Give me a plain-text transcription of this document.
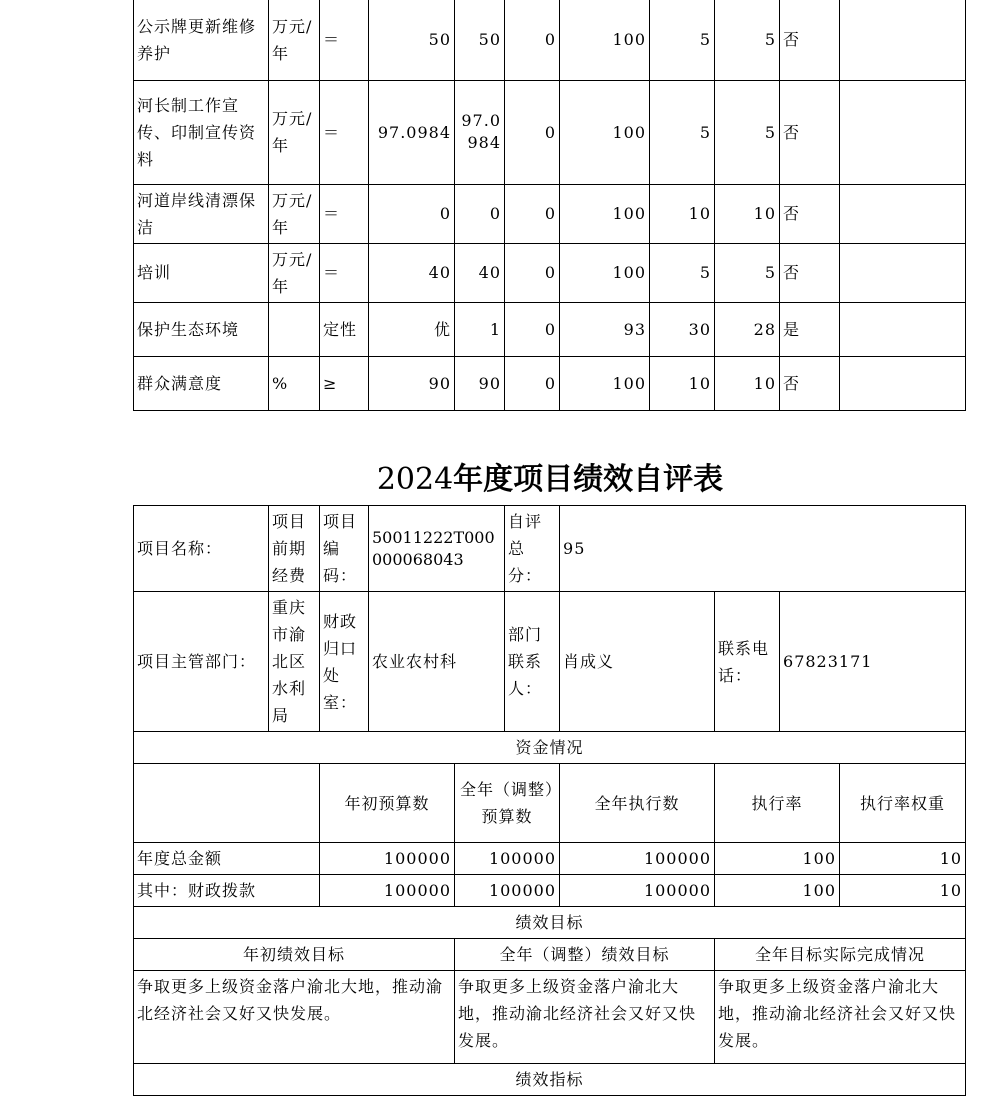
公示牌更新维修养护	万元/年	＝	50	50	0	100	5	5	否	
河长制工作宣传、印制宣传资料	万元/年	＝	97.0984	97.0984	0	100	5	5	否	
河道岸线清漂保洁	万元/年	＝	0	0	0	100	10	10	否	
培训	万元/年	＝	40	40	0	100	5	5	否	
保护生态环境		定性	优	1	0	93	30	28	是	
群众满意度	%	≥	90	90	0	100	10	10	否	
2024年度项目绩效自评表
项目名称：	项目前期经费	项目编码：	50011222T000000068043		自评总分：	95			
项目主管部门：	重庆市渝北区水利局	财政归口处室：	农业农村科		部门联系人：	肖成义	联系电话：	67823171	
资金情况									
		年初预算数		全年（调整）预算数		全年执行数	执行率		执行率权重
年度总金额		100000		100000		100000	100		10
其中：财政拨款		100000		100000		100000	100		10
绩效目标									
年初绩效目标				全年（调整）绩效目标			全年目标实际完成情况		
争取更多上级资金落户渝北大地，推动渝北经济社会又好又快发展。				争取更多上级资金落户渝北大地，推动渝北经济社会又好又快发展。			争取更多上级资金落户渝北大地，推动渝北经济社会又好又快发展。		
绩效指标									
